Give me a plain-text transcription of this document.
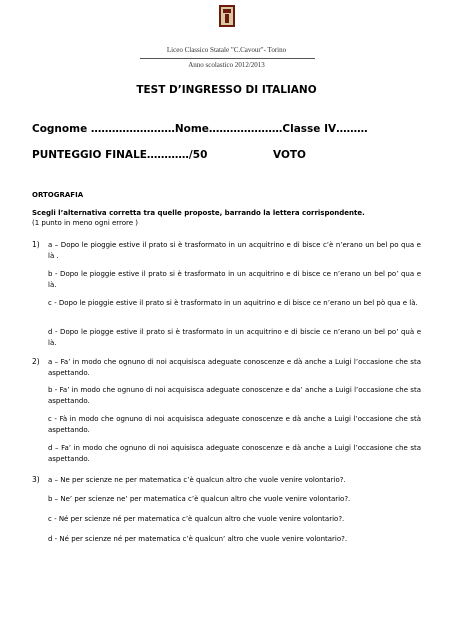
Liceo Classico Statale "C.Cavour"- Torino
Anno scolastico 2012/2013
TEST D’INGRESSO DI ITALIANO
Cognome ……………………Nome…………………Classe IV………
PUNTEGGIO FINALE…………/50	VOTO
ORTOGRAFIA
Scegli l’alternativa corretta tra quelle proposte, barrando la lettera corrispondente.
(1 punto in meno ogni errore )
1) a – Dopo le pioggie estive il prato si è trasformato in un acquitrino e di bisce c’è n’erano un bel po qua e là .
b - Dopo le pioggie estive il prato si è trasformato in un acquitrino e di bisce ce n’erano un bel po’ qua e là.
c - Dopo le pioggie estive il prato si è trasformato in un aquitrino e di bisce ce n’erano un bel pò qua e là.
d - Dopo le piogge estive il prato si è trasformato in un acquitrino e di biscie ce n’erano un bel po’ quà e là.
2) a – Fa’ in modo che ognuno di noi acquisisca adeguate conoscenze e dà anche a Luigi l’occasione che sta aspettando.
b - Fa’ in modo che ognuno di noi acquisisca adeguate conoscenze e da’ anche a Luigi l’occasione che sta aspettando.
c - Fà in modo che ognuno di noi acquisisca adeguate conoscenze e dà anche a Luigi l’occasione che stà aspettando.
d – Fa’ in modo che ognuno di noi aquisisca adeguate conoscenze e dà anche a Luigi l’occasione che sta aspettando.
3) a – Ne per scienze ne per matematica c’è qualcun altro che vuole venire volontario?.
b – Ne’ per scienze ne’ per matematica c’è qualcun altro che vuole venire volontario?.
c - Né per scienze né per matematica c’è qualcun altro che vuole venire volontario?.
d - Né per scienze né per matematica c’è qualcun’ altro che vuole venire volontario?.
